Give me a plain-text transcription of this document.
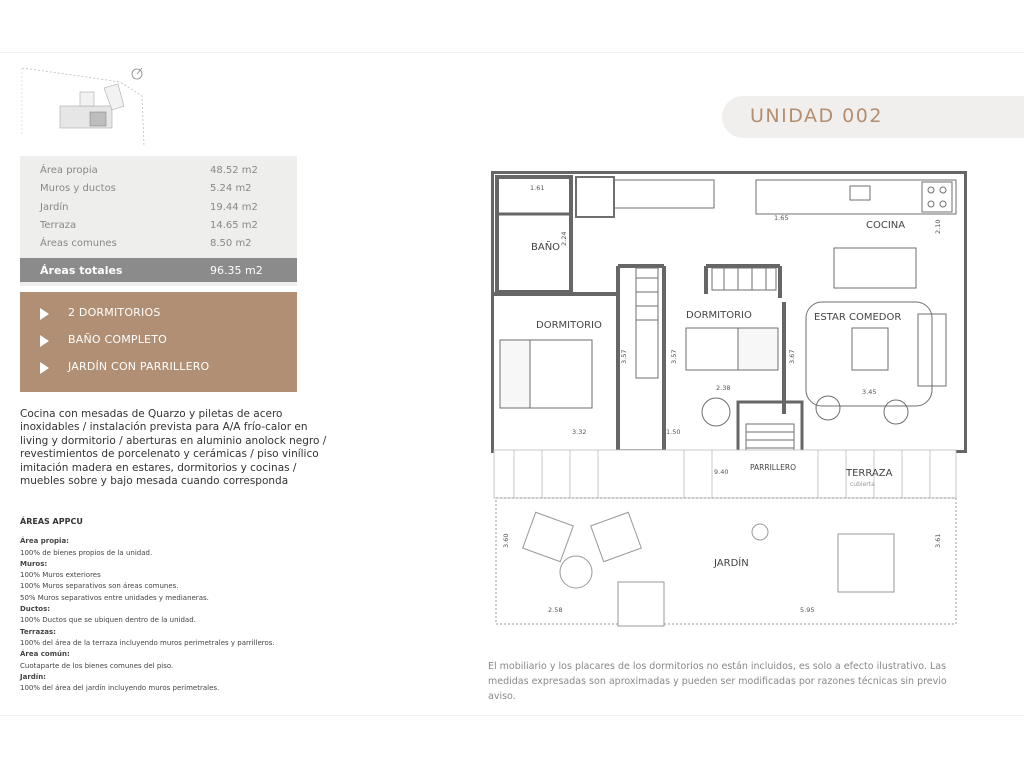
Área propia	48.52 m2
Muros y ductos	5.24 m2
Jardín	19.44 m2
Terraza	14.65 m2
Áreas comunes	8.50 m2
Áreas totales	96.35 m2
2 DORMITORIOS
BAÑO COMPLETO
JARDÍN CON PARRILLERO
Cocina con mesadas de Quarzo y piletas de acero inoxidables / instalación prevista para A/A frío-calor en living y dormitorio / aberturas en aluminio anolock negro / revestimientos de porcelenato y cerámicas / piso vinílico imitación madera en estares, dormitorios y cocinas / muebles sobre y bajo mesada cuando corresponda
ÁREAS APPCU
Área propia:
100% de bienes propios de la unidad.
Muros:
100% Muros exteriores
100% Muros separativos son áreas comunes.
50% Muros separativos entre unidades y medianeras.
Ductos:
100% Ductos que se ubiquen dentro de la unidad.
Terrazas:
100% del área de la terraza incluyendo muros perimetrales y parrilleros.
Área común:
Cuotaparte de los bienes comunes del piso.
Jardín:
100% del área del jardín incluyendo muros perimetrales.
UNIDAD 002
BAÑO
COCINA
DORMITORIO
DORMITORIO	ESTAR COMEDOR
PARRILLERO
TERRAZA
cubierta
JARDÍN
1.61
2.24
1.65
2.10
3.57	3.57	3.67
2.38
3.32	1.50
3.45
9.40
3.60	3.61
2.58	5.95
El mobiliario y los placares de los dormitorios no están incluidos, es solo a efecto ilustrativo. Las medidas expresadas son aproximadas y pueden ser modificadas por razones técnicas sin previo aviso.
